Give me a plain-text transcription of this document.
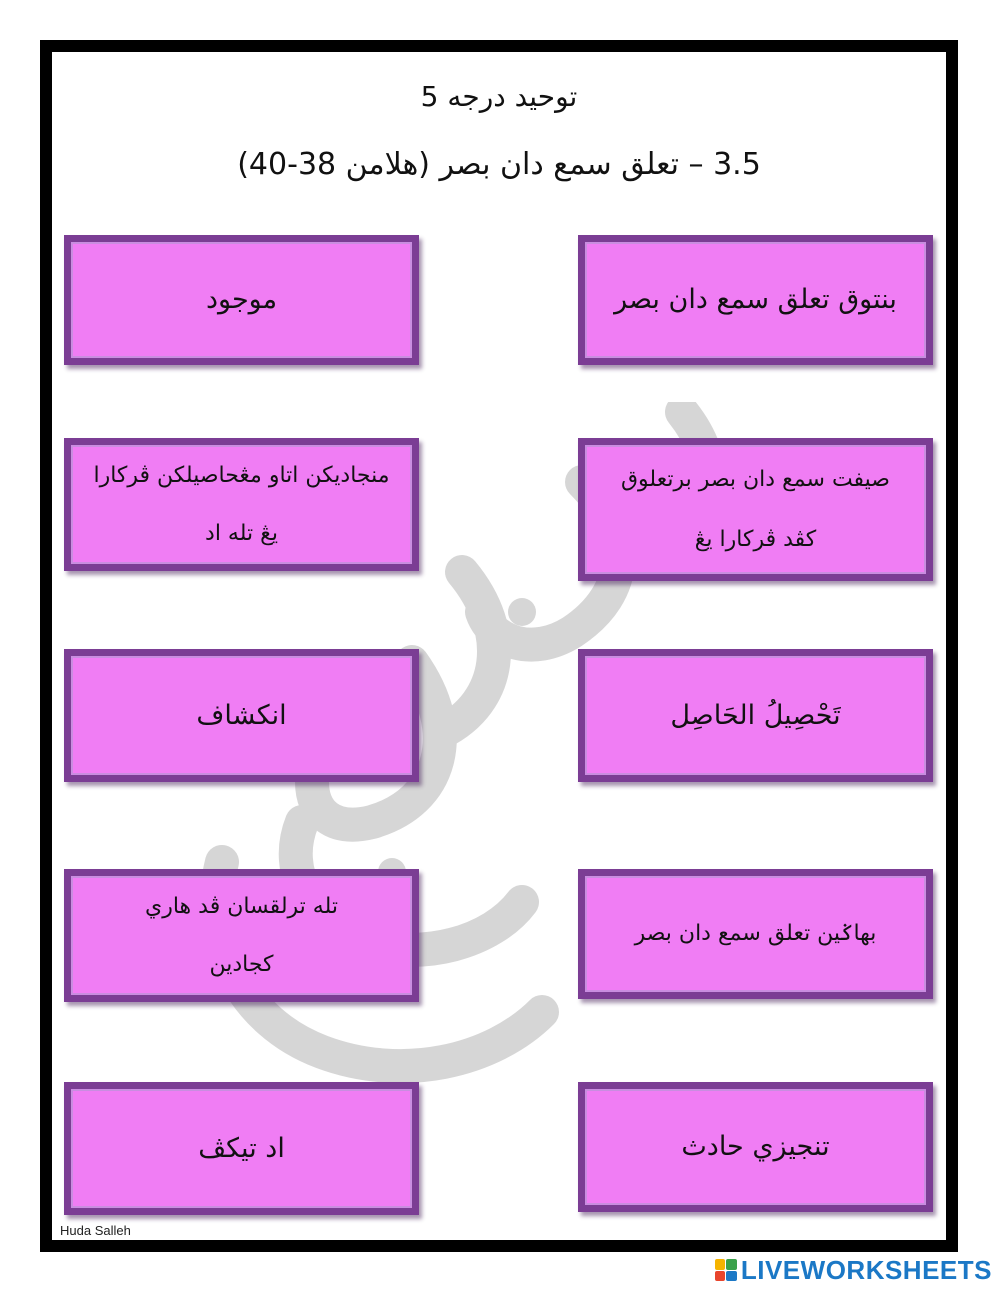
توحيد درجه 5
3.5 – تعلق سمع دان بصر (هلامن 38-40)
بنتوق تعلق سمع دان بصر
موجود
صيفت سمع دان بصر برتعلوق كڤد ڤركارا يڠ
منجاديكن اتاو مڠحاصيلكن ڤركارا يڠ تله اد
تَحْصِيلُ الحَاصِل
انكشاف
بهاݢين تعلق سمع دان بصر
تله ترلقسان ڤد هاري كجادين
تنجيزي حادث
اد تيكڤ
Huda Salleh
LIVEWORKSHEETS
